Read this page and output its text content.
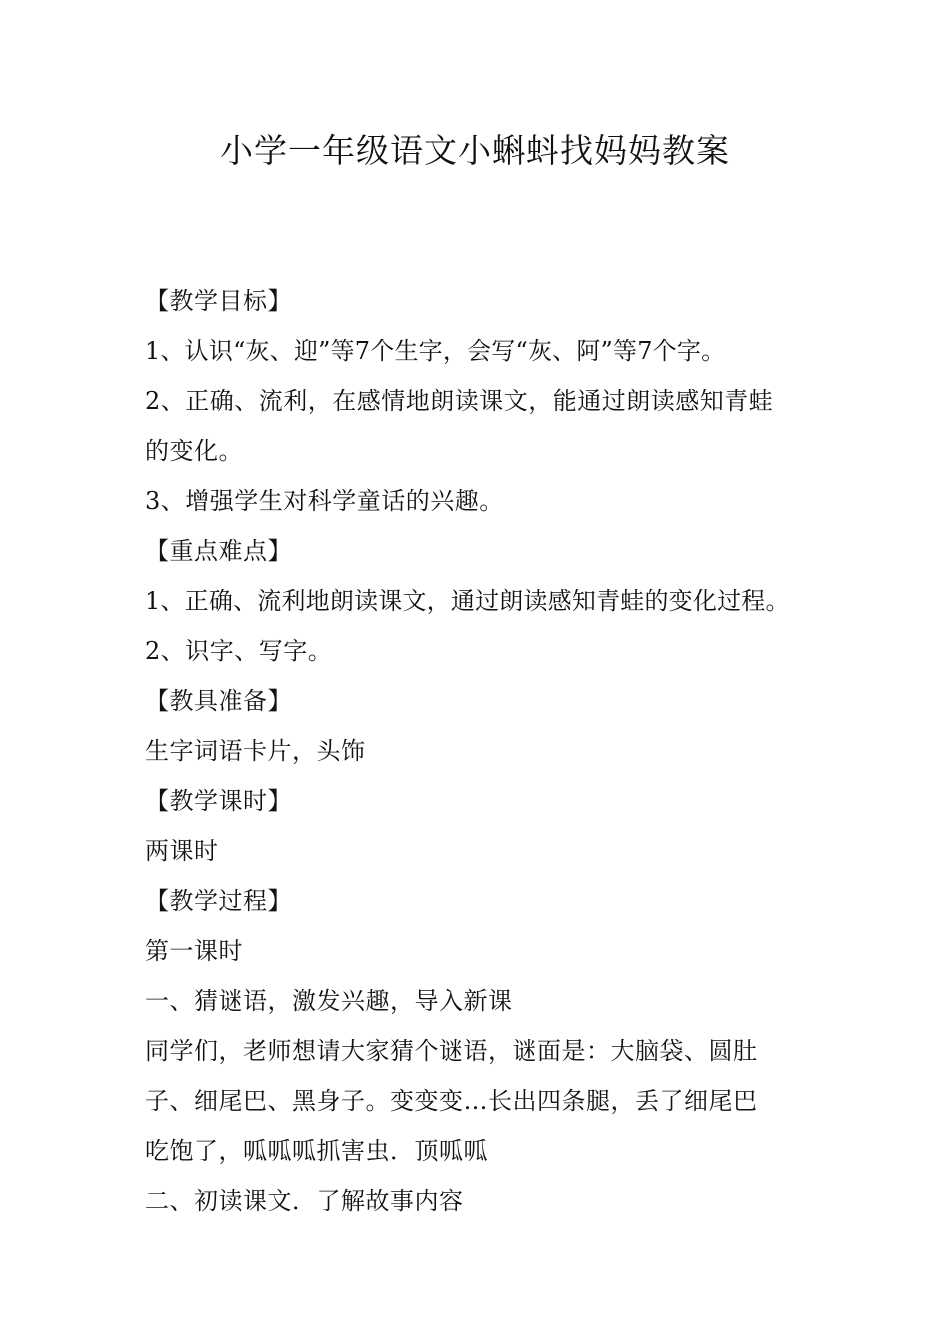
小学一年级语文小蝌蚪找妈妈教案
【教学目标】
1、认识“灰、迎”等7个生字，会写“灰、阿”等7个字。
2、正确、流利，在感情地朗读课文，能通过朗读感知青蛙
的变化。
3、增强学生对科学童话的兴趣。
【重点难点】
1、正确、流利地朗读课文，通过朗读感知青蛙的变化过程。
2、识字、写字。
【教具准备】
生字词语卡片，头饰
【教学课时】
两课时
【教学过程】
第一课时
一、猜谜语，激发兴趣，导入新课
同学们，老师想请大家猜个谜语，谜面是：大脑袋、圆肚
子、细尾巴、黑身子。变变变…长出四条腿，丢了细尾巴
吃饱了，呱呱呱抓害虫．顶呱呱
二、初读课文．了解故事内容
